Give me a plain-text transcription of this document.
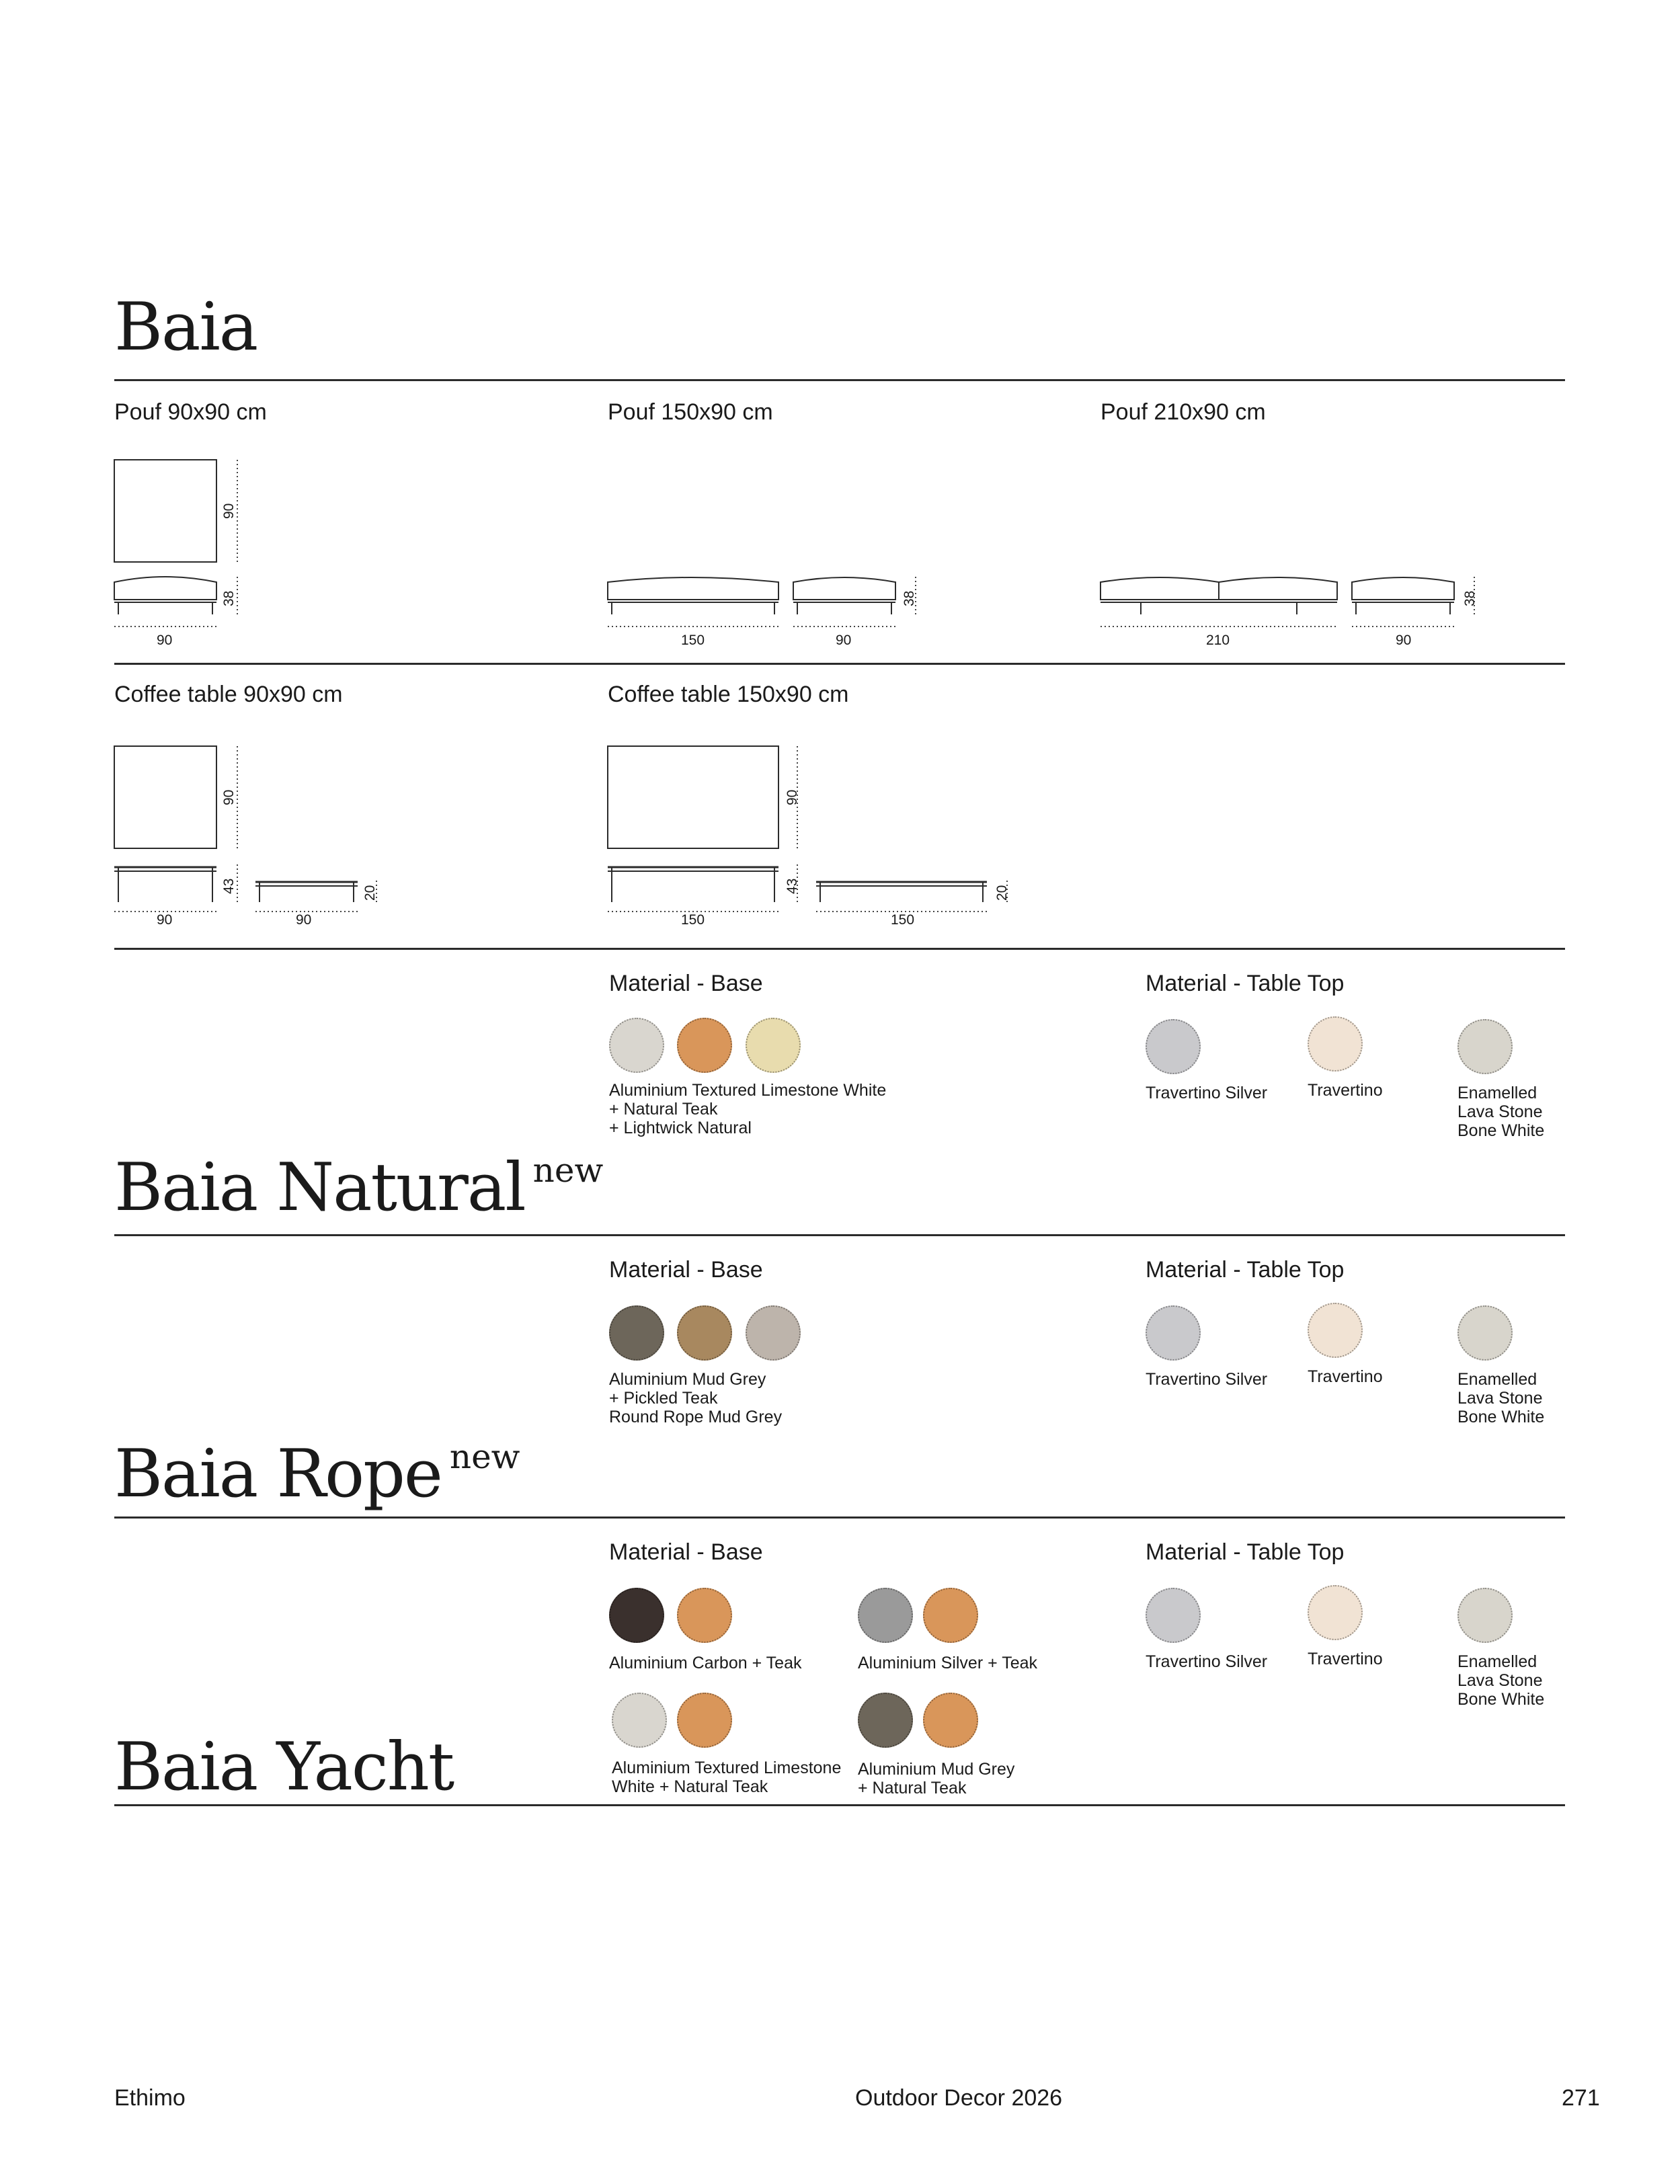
Baia
Pouf 90x90 cm	Pouf 150x90 cm	Pouf 210x90 cm
90
38
90
38
150	90
38
210	90
Coffee table 90x90 cm	Coffee table 150x90 cm
90
43	20
90	90
90
43	20
150	150
Material - Base
Aluminium Textured Limestone White
+ Natural Teak
+ Lightwick Natural
Material - Table Top
Travertino Silver Travertino	Enamelled
Lava Stone
Bone White
Baia Natural $^{new}$
Material - Base
Aluminium Mud Grey
+ Pickled Teak
Round Rope Mud Grey
Material - Table Top
Travertino Silver Travertino	Enamelled
Lava Stone
Bone White
Baia Rope $^{new}$
Material - Base
Aluminium Carbon + Teak	Aluminium Silver + Teak
Aluminium Textured Limestone
White + Natural Teak
Aluminium Mud Grey
+ Natural Teak
Material - Table Top
Travertino Silver Travertino	Enamelled
Lava Stone
Bone White
Baia Yacht
Ethimo	Outdoor Decor 2026	271
